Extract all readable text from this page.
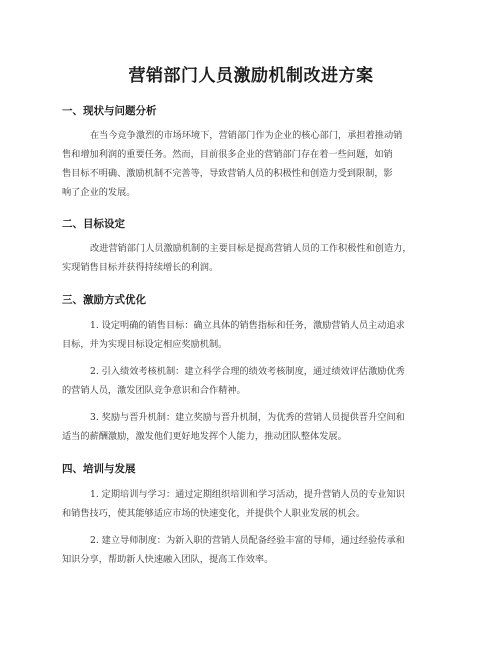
营销部门人员激励机制改进方案
一、现状与问题分析
在当今竞争激烈的市场环境下，营销部门作为企业的核心部门，承担着推动销
售和增加利润的重要任务。然而，目前很多企业的营销部门存在着一些问题，如销
售目标不明确、激励机制不完善等，导致营销人员的积极性和创造力受到限制，影
响了企业的发展。
二、目标设定
改进营销部门人员激励机制的主要目标是提高营销人员的工作积极性和创造力，
实现销售目标并获得持续增长的利润。
三、激励方式优化
1. 设定明确的销售目标：确立具体的销售指标和任务，激励营销人员主动追求
目标，并为实现目标设定相应奖励机制。
2. 引入绩效考核机制：建立科学合理的绩效考核制度，通过绩效评估激励优秀
的营销人员，激发团队竞争意识和合作精神。
3. 奖励与晋升机制：建立奖励与晋升机制，为优秀的营销人员提供晋升空间和
适当的薪酬激励，激发他们更好地发挥个人能力，推动团队整体发展。
四、培训与发展
1. 定期培训与学习：通过定期组织培训和学习活动，提升营销人员的专业知识
和销售技巧，使其能够适应市场的快速变化，并提供个人职业发展的机会。
2. 建立导师制度：为新入职的营销人员配备经验丰富的导师，通过经验传承和
知识分享，帮助新人快速融入团队，提高工作效率。
